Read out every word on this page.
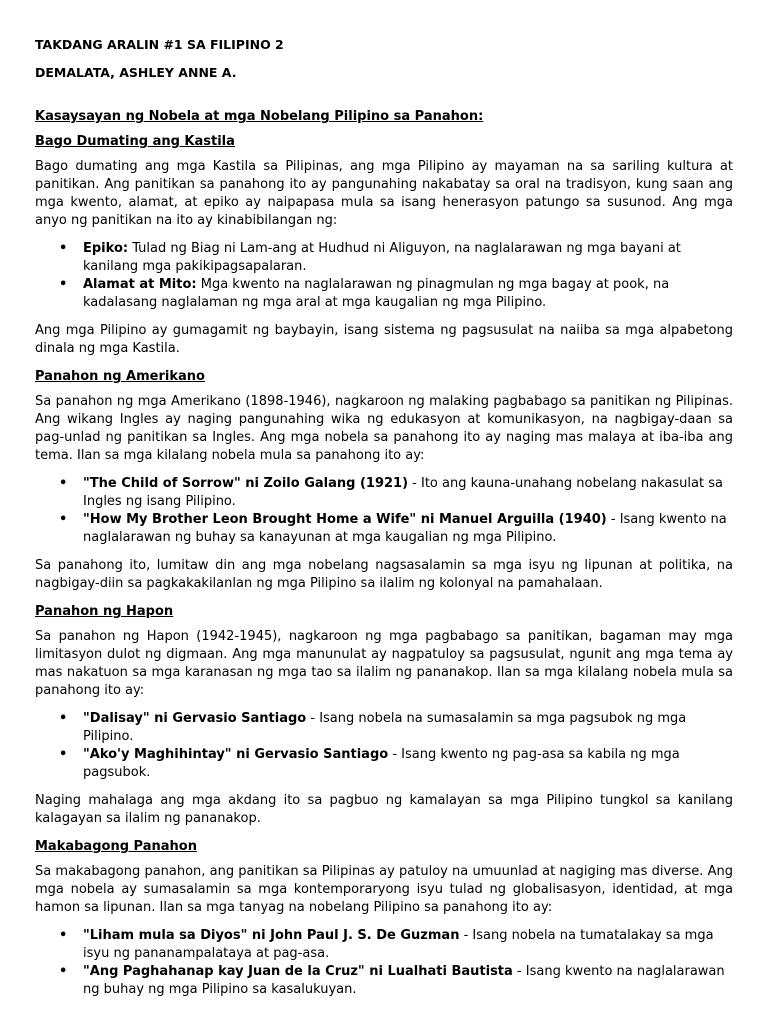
TAKDANG ARALIN #1 SA FILIPINO 2
DEMALATA, ASHLEY ANNE A.
Kasaysayan ng Nobela at mga Nobelang Pilipino sa Panahon:
Bago Dumating ang Kastila

Bago dumating ang mga Kastila sa Pilipinas, ang mga Pilipino ay mayaman na sa sariling kultura at panitikan. Ang panitikan sa panahong ito ay pangunahing nakabatay sa oral na tradisyon, kung saan ang mga kwento, alamat, at epiko ay naipapasa mula sa isang henerasyon patungo sa susunod. Ang mga anyo ng panitikan na ito ay kinabibilangan ng:

• Epiko: Tulad ng Biag ni Lam-ang at Hudhud ni Aliguyon, na naglalarawan ng mga bayani at kanilang mga pakikipagsapalaran.
• Alamat at Mito: Mga kwento na naglalarawan ng pinagmulan ng mga bagay at pook, na kadalasang naglalaman ng mga aral at mga kaugalian ng mga Pilipino.

Ang mga Pilipino ay gumagamit ng baybayin, isang sistema ng pagsusulat na naiiba sa mga alpabetong dinala ng mga Kastila.

Panahon ng Amerikano

Sa panahon ng mga Amerikano (1898-1946), nagkaroon ng malaking pagbabago sa panitikan ng Pilipinas. Ang wikang Ingles ay naging pangunahing wika ng edukasyon at komunikasyon, na nagbigay-daan sa pag-unlad ng panitikan sa Ingles. Ang mga nobela sa panahong ito ay naging mas malaya at iba-iba ang tema. Ilan sa mga kilalang nobela mula sa panahong ito ay:

• "The Child of Sorrow" ni Zoilo Galang (1921) - Ito ang kauna-unahang nobelang nakasulat sa Ingles ng isang Pilipino.
• "How My Brother Leon Brought Home a Wife" ni Manuel Arguilla (1940) - Isang kwento na naglalarawan ng buhay sa kanayunan at mga kaugalian ng mga Pilipino.

Sa panahong ito, lumitaw din ang mga nobelang nagsasalamin sa mga isyu ng lipunan at politika, na nagbigay-diin sa pagkakakilanlan ng mga Pilipino sa ilalim ng kolonyal na pamahalaan.

Panahon ng Hapon

Sa panahon ng Hapon (1942-1945), nagkaroon ng mga pagbabago sa panitikan, bagaman may mga limitasyon dulot ng digmaan. Ang mga manunulat ay nagpatuloy sa pagsusulat, ngunit ang mga tema ay mas nakatuon sa mga karanasan ng mga tao sa ilalim ng pananakop. Ilan sa mga kilalang nobela mula sa panahong ito ay:

• "Dalisay" ni Gervasio Santiago - Isang nobela na sumasalamin sa mga pagsubok ng mga Pilipino.
• "Ako'y Maghihintay" ni Gervasio Santiago - Isang kwento ng pag-asa sa kabila ng mga pagsubok.

Naging mahalaga ang mga akdang ito sa pagbuo ng kamalayan sa mga Pilipino tungkol sa kanilang kalagayan sa ilalim ng pananakop.

Makabagong Panahon

Sa makabagong panahon, ang panitikan sa Pilipinas ay patuloy na umuunlad at nagiging mas diverse. Ang mga nobela ay sumasalamin sa mga kontemporaryong isyu tulad ng globalisasyon, identidad, at mga hamon sa lipunan. Ilan sa mga tanyag na nobelang Pilipino sa panahong ito ay:

• "Liham mula sa Diyos" ni John Paul J. S. De Guzman - Isang nobela na tumatalakay sa mga isyu ng pananampalataya at pag-asa.
• "Ang Paghahanap kay Juan de la Cruz" ni Lualhati Bautista - Isang kwento na naglalarawan ng buhay ng mga Pilipino sa kasalukuyan.
